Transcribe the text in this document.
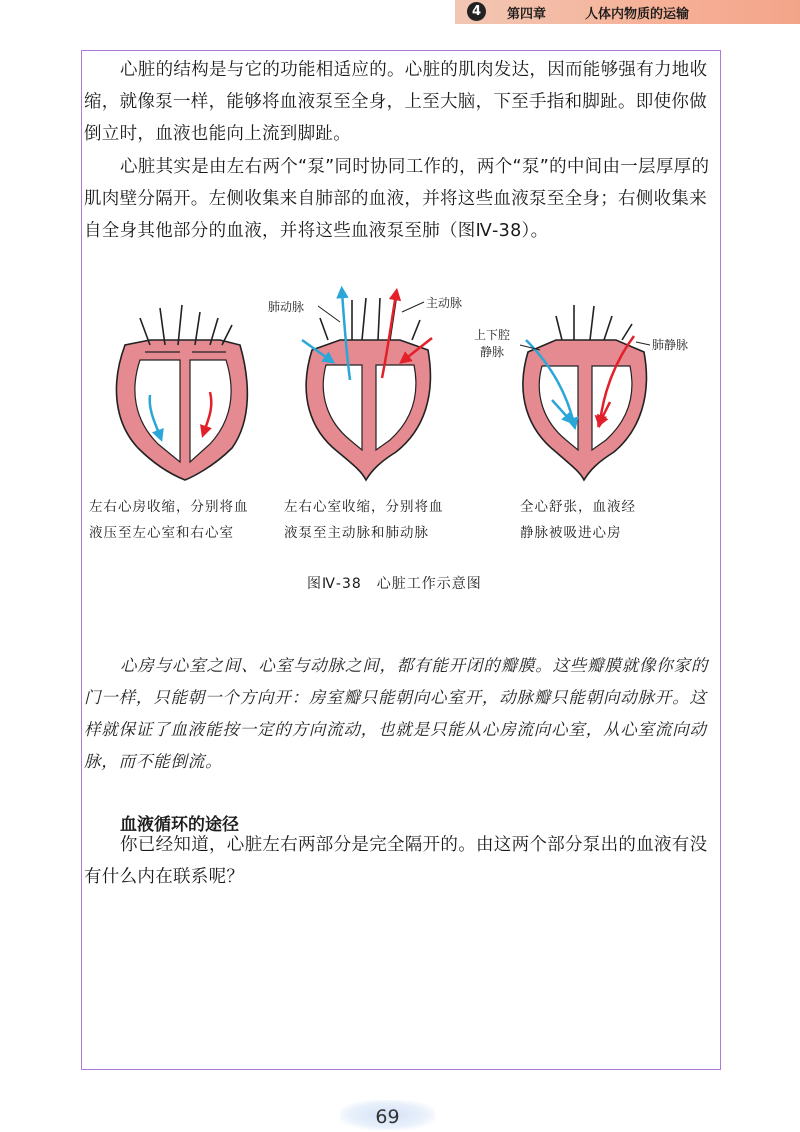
4	第四章	人体内物质的运输

心脏的结构是与它的功能相适应的。心脏的肌肉发达，因而能够强有力地收缩，就像泵一样，能够将血液泵至全身，上至大脑，下至手指和脚趾。即使你做倒立时，血液也能向上流到脚趾。

心脏其实是由左右两个“泵”同时协同工作的，两个“泵”的中间由一层厚厚的肌肉壁分隔开。左侧收集来自肺部的血液，并将这些血液泵至全身；右侧收集来自全身其他部分的血液，并将这些血液泵至肺（图Ⅳ-38）。

肺动脉	主动脉
上下腔
静脉	肺静脉
左右心房收缩，分别将血
液压至左心室和右心室
左右心室收缩，分别将血
液泵至主动脉和肺动脉
全心舒张，血液经
静脉被吸进心房
图Ⅳ-38　心脏工作示意图

心房与心室之间、心室与动脉之间，都有能开闭的瓣膜。这些瓣膜就像你家的门一样，只能朝一个方向开：房室瓣只能朝向心室开，动脉瓣只能朝向动脉开。这样就保证了血液能按一定的方向流动，也就是只能从心房流向心室，从心室流向动脉，而不能倒流。

血液循环的途径

你已经知道，心脏左右两部分是完全隔开的。由这两个部分泵出的血液有没有什么内在联系呢？

69
